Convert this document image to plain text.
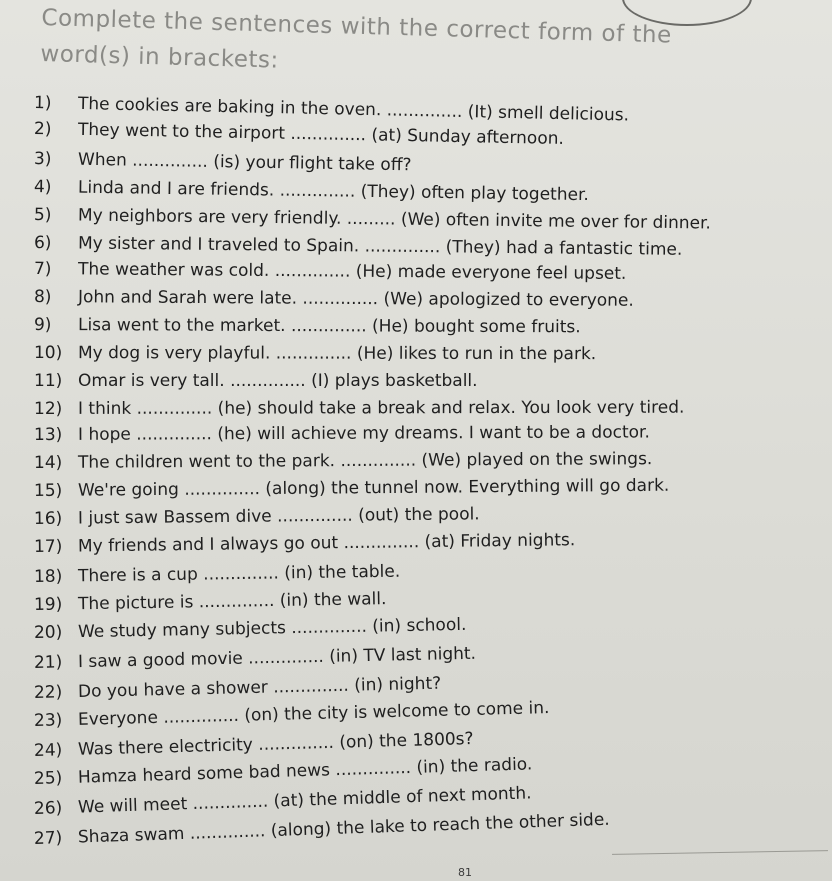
Complete the sentences with the correct form of the
word(s) in brackets:
1) The cookies are baking in the oven. .............. (It) smell delicious.
2) They went to the airport .............. (at) Sunday afternoon.
3) When .............. (is) your flight take off?
4) Linda and I are friends. .............. (They) often play together.
5) My neighbors are very friendly. ......... (We) often invite me over for dinner.
6) My sister and I traveled to Spain. .............. (They) had a fantastic time.
7) The weather was cold. .............. (He) made everyone feel upset.
8) John and Sarah were late. .............. (We) apologized to everyone.
9) Lisa went to the market. .............. (He) bought some fruits.
10) My dog is very playful. .............. (He) likes to run in the park.
11) Omar is very tall. .............. (I) plays basketball.
12) I think .............. (he) should take a break and relax. You look very tired.
13) I hope .............. (he) will achieve my dreams. I want to be a doctor.
14) The children went to the park. .............. (We) played on the swings.
15) We're going .............. (along) the tunnel now. Everything will go dark.
16) I just saw Bassem dive .............. (out) the pool.
17) My friends and I always go out .............. (at) Friday nights.
18) There is a cup .............. (in) the table.
19) The picture is .............. (in) the wall.
20) We study many subjects .............. (in) school.
21) I saw a good movie .............. (in) TV last night.
22) Do you have a shower .............. (in) night?
23) Everyone .............. (on) the city is welcome to come in.
24) Was there electricity .............. (on) the 1800s?
25) Hamza heard some bad news .............. (in) the radio.
26) We will meet .............. (at) the middle of next month.
27) Shaza swam .............. (along) the lake to reach the other side.
81
